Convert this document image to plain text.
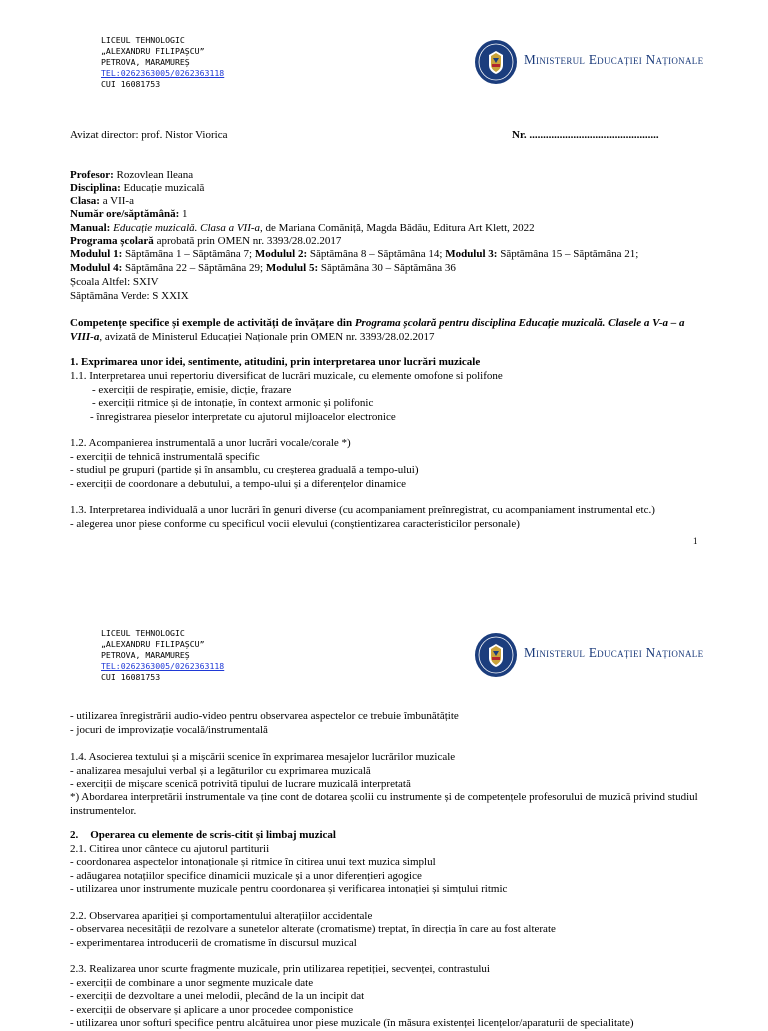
LICEUL TEHNOLOGIC
„ALEXANDRU FILIPAȘCU”
PETROVA, MARAMUREȘ
TEL:0262363005/0262363118
CUI 16081753
Ministerul Educației Naționale
Avizat director: prof. Nistor Viorica	Nr. ...............................................
Profesor: Rozovlean Ileana
Disciplina: Educație muzicală
Clasa: a VII-a
Număr ore/săptămână: 1
Manual: Educație muzicală. Clasa a VII-a, de Mariana Comăniță, Magda Bădău, Editura Art Klett, 2022
Programa școlară aprobată prin OMEN nr. 3393/28.02.2017
Modulul 1: Săptămâna 1 – Săptămâna 7; Modulul 2: Săptămâna 8 – Săptămâna 14; Modulul 3: Săptămâna 15 – Săptămâna 21;
Modulul 4: Săptămâna 22 – Săptămâna 29; Modulul 5: Săptămâna 30 – Săptămâna 36
Școala Altfel: SXIV
Săptămâna Verde: S XXIX
Competențe specifice și exemple de activități de învățare din Programa școlară pentru disciplina Educație muzicală. Clasele a V-a – a VIII-a, avizată de Ministerul Educației Naționale prin OMEN nr. 3393/28.02.2017
1. Exprimarea unor idei, sentimente, atitudini, prin interpretarea unor lucrări muzicale
1.1. Interpretarea unui repertoriu diversificat de lucrări muzicale, cu elemente omofone si polifone
- exerciții de respirație, emisie, dicție, frazare
- exerciții ritmice și de intonație, în context armonic și polifonic
- înregistrarea pieselor interpretate cu ajutorul mijloacelor electronice
1.2. Acompanierea instrumentală a unor lucrări vocale/corale *)
- exerciții de tehnică instrumentală specific
- studiul pe grupuri (partide și în ansamblu, cu creșterea graduală a tempo-ului)
- exerciții de coordonare a debutului, a tempo-ului și a diferențelor dinamice
1.3. Interpretarea individuală a unor lucrări în genuri diverse (cu acompaniament preînregistrat, cu acompaniament instrumental etc.)
- alegerea unor piese conforme cu specificul vocii elevului (conștientizarea caracteristicilor personale)
1
LICEUL TEHNOLOGIC
„ALEXANDRU FILIPAȘCU”
PETROVA, MARAMUREȘ
TEL:0262363005/0262363118
CUI 16081753
Ministerul Educației Naționale
- utilizarea înregistrării audio-video pentru observarea aspectelor ce trebuie îmbunătățite
- jocuri de improvizație vocală/instrumentală
1.4. Asocierea textului și a mișcării scenice în exprimarea mesajelor lucrărilor muzicale
- analizarea mesajului verbal și a legăturilor cu exprimarea muzicală
- exerciții de mișcare scenică potrivită tipului de lucrare muzicală interpretată
*) Abordarea interpretării instrumentale va ține cont de dotarea școlii cu instrumente și de competențele profesorului de muzică privind studiul instrumentelor.
2. Operarea cu elemente de scris-citit și limbaj muzical
2.1. Citirea unor cântece cu ajutorul partiturii
- coordonarea aspectelor intonaționale și ritmice în citirea unui text muzica simplul
- adăugarea notațiilor specifice dinamicii muzicale și a unor diferențieri agogice
- utilizarea unor instrumente muzicale pentru coordonarea și verificarea intonației și simțului ritmic
2.2. Observarea apariției și comportamentului alterațiilor accidentale
- observarea necesității de rezolvare a sunetelor alterate (cromatisme) treptat, în direcția în care au fost alterate
- experimentarea introducerii de cromatisme în discursul muzical
2.3. Realizarea unor scurte fragmente muzicale, prin utilizarea repetiției, secvenței, contrastului
- exerciții de combinare a unor segmente muzicale date
- exerciții de dezvoltare a unei melodii, plecând de la un incipit dat
- exerciții de observare și aplicare a unor procedee componistice
- utilizarea unor softuri specifice pentru alcătuirea unor piese muzicale (în măsura existenței licențelor/aparaturii de specialitate)
